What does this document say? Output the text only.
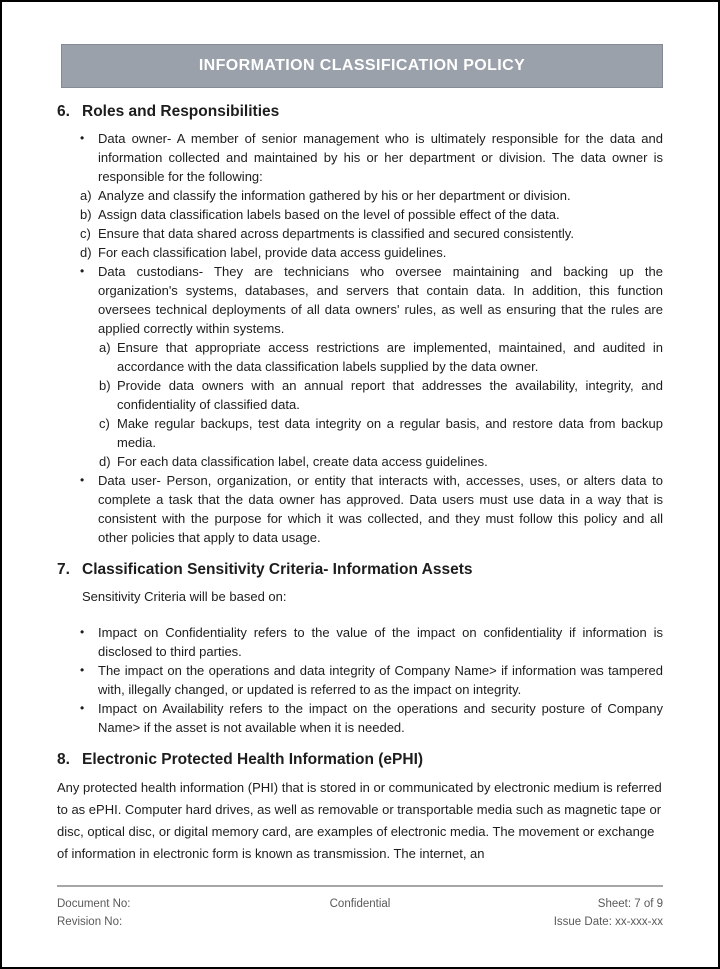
INFORMATION CLASSIFICATION POLICY
6. Roles and Responsibilities
•	Data owner- A member of senior management who is ultimately responsible for the data and information collected and maintained by his or her department or division. The data owner is responsible for the following:
a) Analyze and classify the information gathered by his or her department or division.
b) Assign data classification labels based on the level of possible effect of the data.
c) Ensure that data shared across departments is classified and secured consistently.
d) For each classification label, provide data access guidelines.
•	Data custodians- They are technicians who oversee maintaining and backing up the organization's systems, databases, and servers that contain data. In addition, this function oversees technical deployments of all data owners' rules, as well as ensuring that the rules are applied correctly within systems.
a) Ensure that appropriate access restrictions are implemented, maintained, and audited in accordance with the data classification labels supplied by the data owner.
b) Provide data owners with an annual report that addresses the availability, integrity, and confidentiality of classified data.
c) Make regular backups, test data integrity on a regular basis, and restore data from backup media.
d) For each data classification label, create data access guidelines.
•	Data user- Person, organization, or entity that interacts with, accesses, uses, or alters data to complete a task that the data owner has approved. Data users must use data in a way that is consistent with the purpose for which it was collected, and they must follow this policy and all other policies that apply to data usage.
7. Classification Sensitivity Criteria- Information Assets
Sensitivity Criteria will be based on:
•	Impact on Confidentiality refers to the value of the impact on confidentiality if information is disclosed to third parties.
•	The impact on the operations and data integrity of Company Name> if information was tampered with, illegally changed, or updated is referred to as the impact on integrity.
•	Impact on Availability refers to the impact on the operations and security posture of Company Name> if the asset is not available when it is needed.
8. Electronic Protected Health Information (ePHI)
Any protected health information (PHI) that is stored in or communicated by electronic medium is referred to as ePHI. Computer hard drives, as well as removable or transportable media such as magnetic tape or disc, optical disc, or digital memory card, are examples of electronic media. The movement or exchange of information in electronic form is known as transmission. The internet, an
Document No:
Revision No:
Confidential	Sheet: 7 of 9
Issue Date: xx-xxx-xx
